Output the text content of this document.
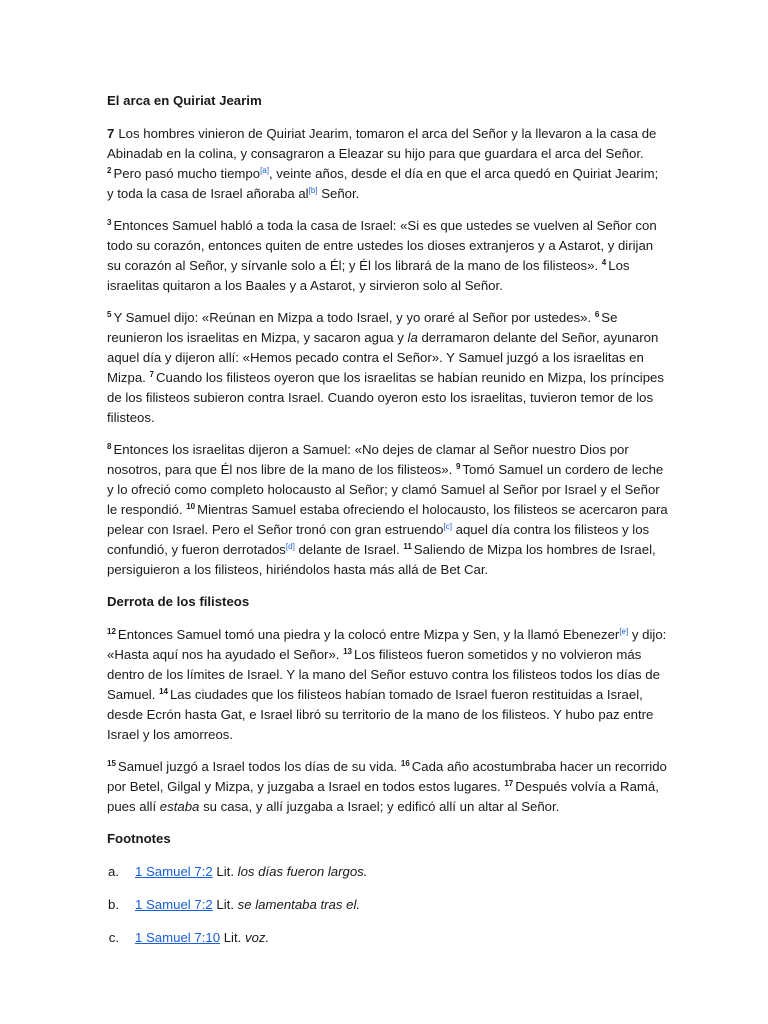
El arca en Quiriat Jearim

7 Los hombres vinieron de Quiriat Jearim, tomaron el arca del Señor y la llevaron a la casa de Abinadab en la colina, y consagraron a Eleazar su hijo para que guardara el arca del Señor. $^2$ Pero pasó mucho tiempo [ $^a$ ] , veinte años, desde el día en que el arca quedó en Quiriat Jearim; y toda la casa de Israel añoraba al [ $^b$ ] Señor.

$^3$ Entonces Samuel habló a toda la casa de Israel: «Si es que ustedes se vuelven al Señor con todo su corazón, entonces quiten de entre ustedes los dioses extranjeros y a Astarot, y dirijan su corazón al Señor, y sírvanle solo a Él; y Él los librará de la mano de los filisteos». $^4$ Los israelitas quitaron a los Baales y a Astarot, y sirvieron solo al Señor.

$^5$ Y Samuel dijo: «Reúnan en Mizpa a todo Israel, y yo oraré al Señor por ustedes». $^6$ Se reunieron los israelitas en Mizpa, y sacaron agua y la derramaron delante del Señor, ayunaron aquel día y dijeron allí: «Hemos pecado contra el Señor». Y Samuel juzgó a los israelitas en Mizpa. $^7$ Cuando los filisteos oyeron que los israelitas se habían reunido en Mizpa, los príncipes de los filisteos subieron contra Israel. Cuando oyeron esto los israelitas, tuvieron temor de los filisteos.

$^8$ Entonces los israelitas dijeron a Samuel: «No dejes de clamar al Señor nuestro Dios por nosotros, para que Él nos libre de la mano de los filisteos». $^9$ Tomó Samuel un cordero de leche y lo ofreció como completo holocausto al Señor; y clamó Samuel al Señor por Israel y el Señor le respondió. $^{10}$ Mientras Samuel estaba ofreciendo el holocausto, los filisteos se acercaron para pelear con Israel. Pero el Señor tronó con gran estruendo [ $^c$ ] aquel día contra los filisteos y los confundió, y fueron derrotados [ $^d$ ] delante de Israel. $^{11}$ Saliendo de Mizpa los hombres de Israel, persiguieron a los filisteos, hiriéndolos hasta más allá de Bet Car.

Derrota de los filisteos

$^{12}$ Entonces Samuel tomó una piedra y la colocó entre Mizpa y Sen, y la llamó Ebenezer [ $^e$ ] y dijo: «Hasta aquí nos ha ayudado el Señor». $^{13}$ Los filisteos fueron sometidos y no volvieron más dentro de los límites de Israel. Y la mano del Señor estuvo contra los filisteos todos los días de Samuel. $^{14}$ Las ciudades que los filisteos habían tomado de Israel fueron restituidas a Israel, desde Ecrón hasta Gat, e Israel libró su territorio de la mano de los filisteos. Y hubo paz entre Israel y los amorreos.

$^{15}$ Samuel juzgó a Israel todos los días de su vida. $^{16}$ Cada año acostumbraba hacer un recorrido por Betel, Gilgal y Mizpa, y juzgaba a Israel en todos estos lugares. $^{17}$ Después volvía a Ramá, pues allí estaba su casa, y allí juzgaba a Israel; y edificó allí un altar al Señor.

Footnotes
a.	1 Samuel 7:2 Lit. los días fueron largos.
b.	1 Samuel 7:2 Lit. se lamentaba tras el.
c.	1 Samuel 7:10 Lit. voz.
